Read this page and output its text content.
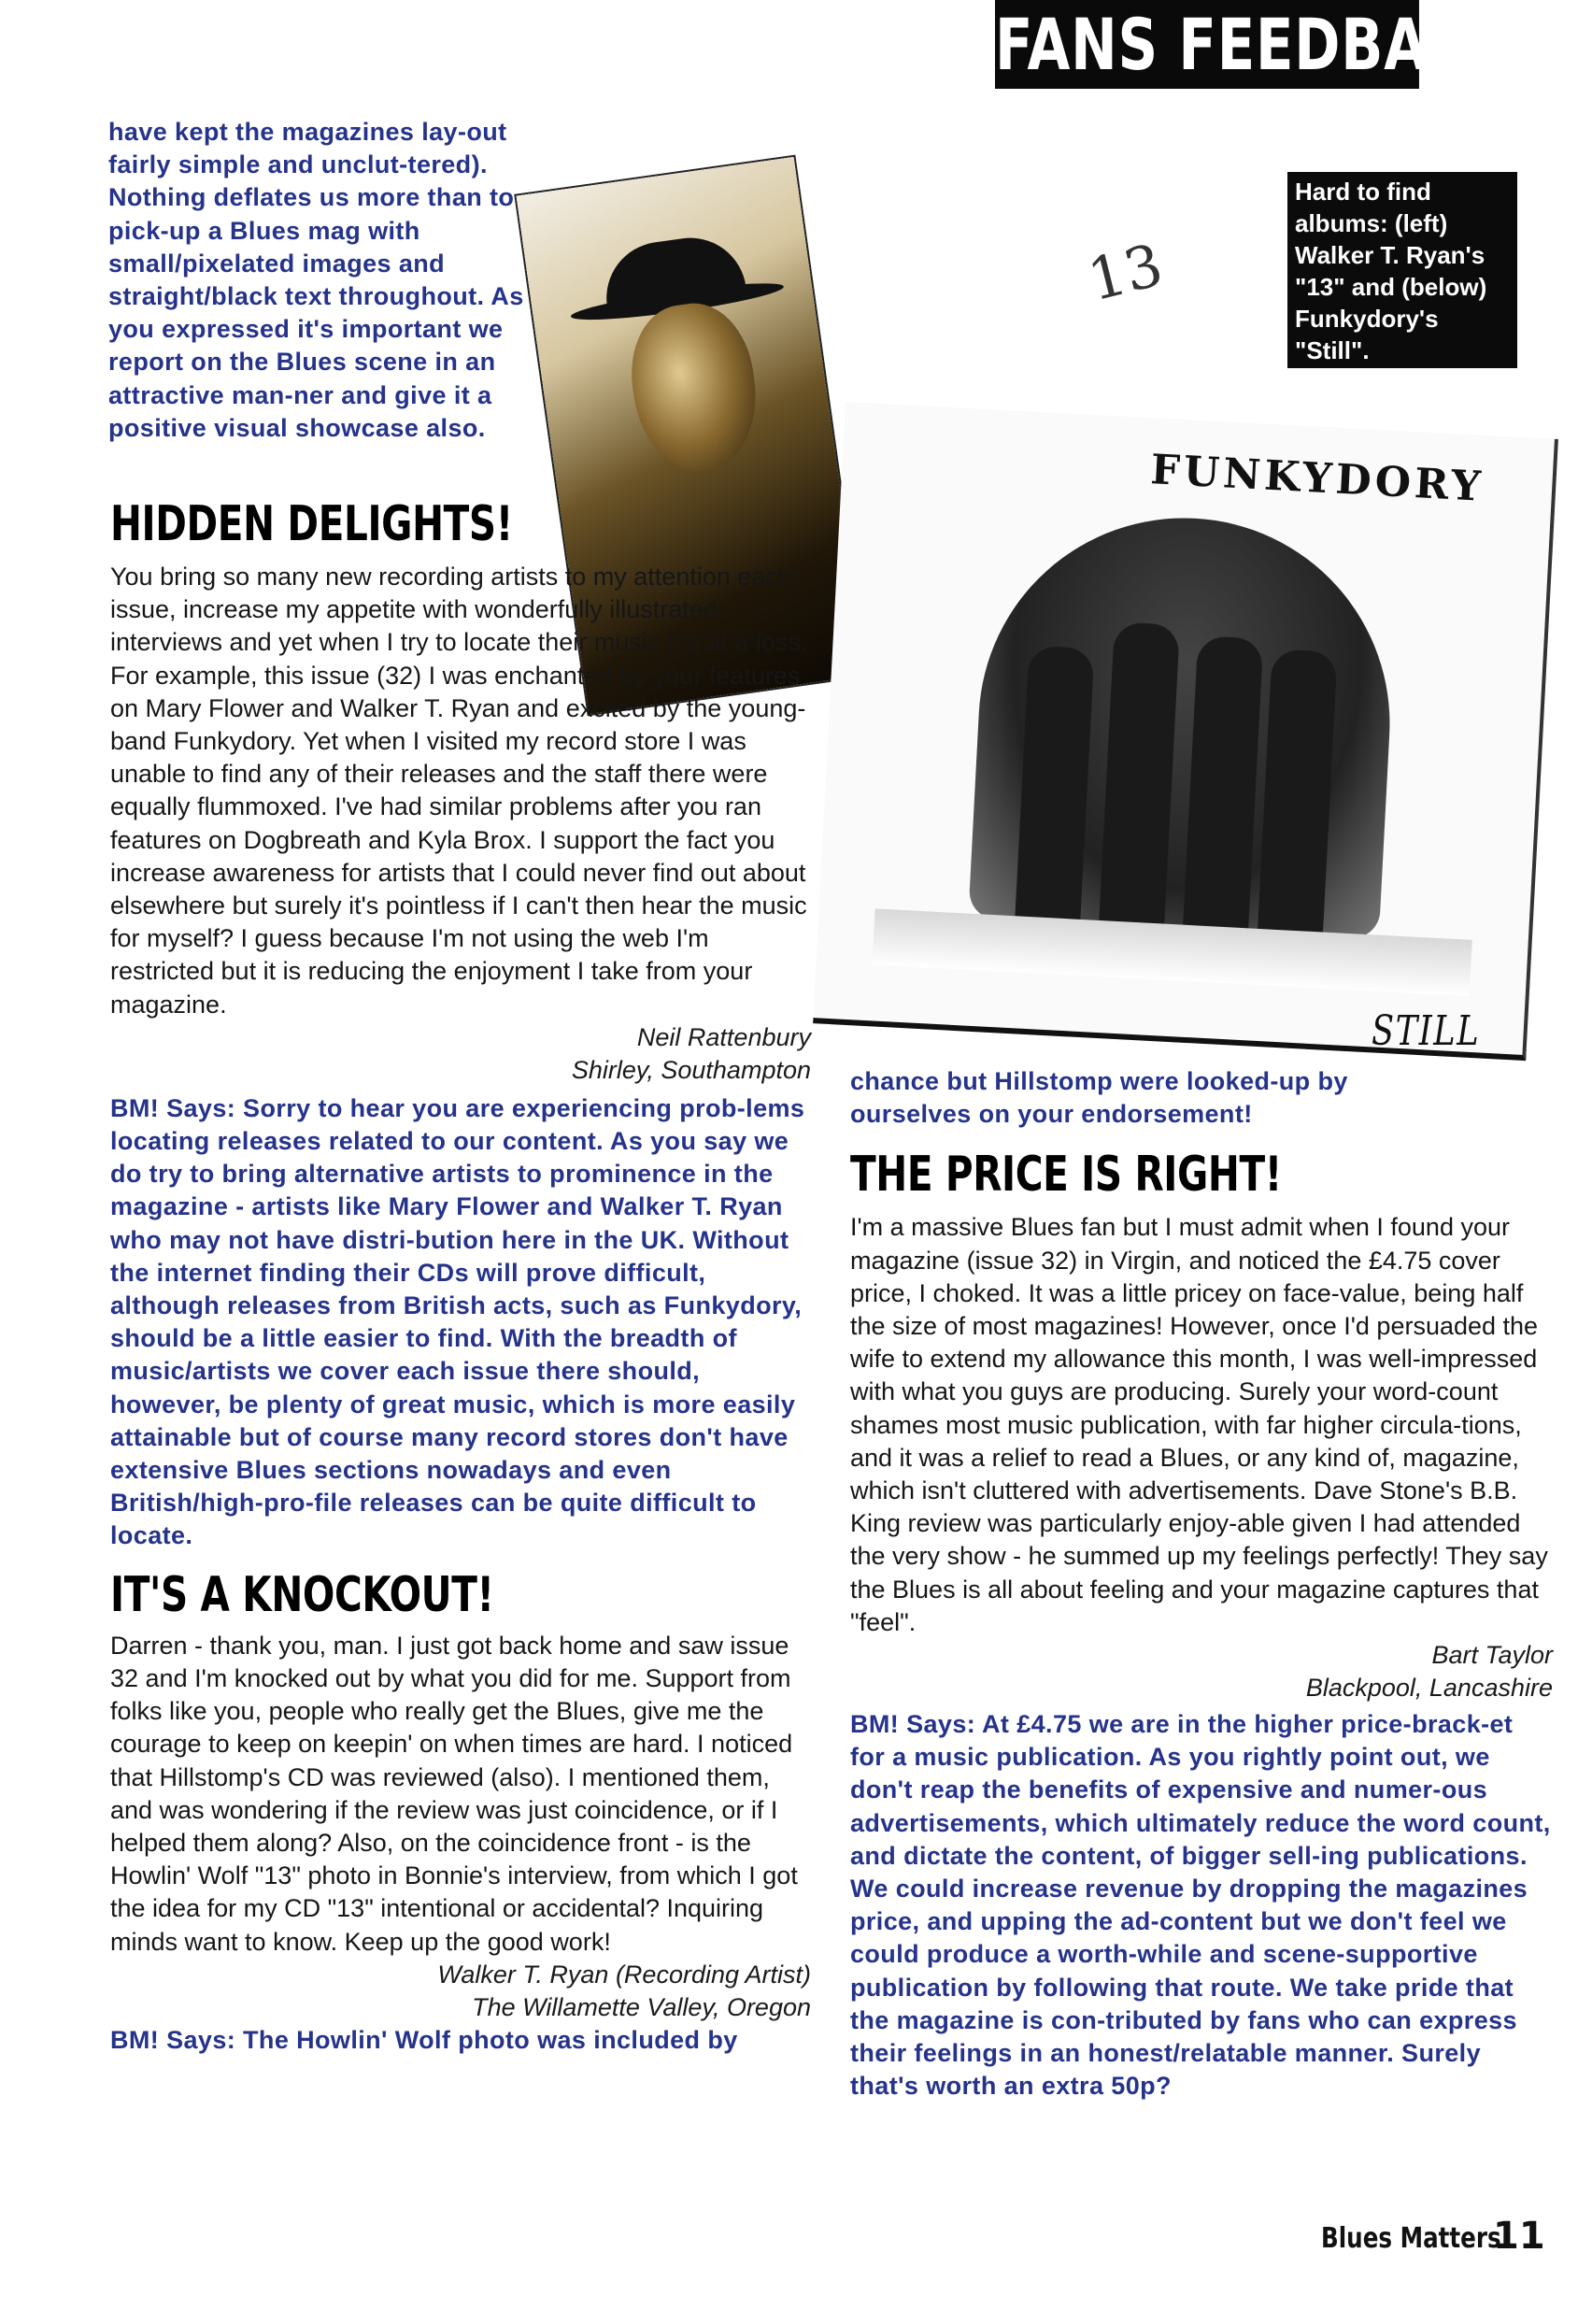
FANS FEEDBACK

have kept the magazines lay-out fairly simple and unclut-tered). Nothing deflates us more than to pick-up a Blues mag with small/pixelated images and straight/black text throughout. As you expressed it's important we report on the Blues scene in an attractive man-ner and give it a positive visual showcase also.

HIDDEN DELIGHTS!

You bring so many new recording artists to my attention each issue, increase my appetite with wonderfully illustrated interviews and yet when I try to locate their music I'm at a loss. For example, this issue (32) I was enchanted by your features on Mary Flower and Walker T. Ryan and excited by the young-band Funkydory. Yet when I visited my record store I was unable to find any of their releases and the staff there were equally flummoxed. I've had similar problems after you ran features on Dogbreath and Kyla Brox. I support the fact you increase awareness for artists that I could never find out about elsewhere but surely it's pointless if I can't then hear the music for myself? I guess because I'm not using the web I'm restricted but it is reducing the enjoyment I take from your magazine.

Neil Rattenbury

Shirley, Southampton

BM! Says: Sorry to hear you are experiencing prob-lems locating releases related to our content. As you say we do try to bring alternative artists to prominence in the magazine - artists like Mary Flower and Walker T. Ryan who may not have distri-bution here in the UK. Without the internet finding their CDs will prove difficult, although releases from British acts, such as Funkydory, should be a little easier to find. With the breadth of music/artists we cover each issue there should, however, be plenty of great music, which is more easily attainable but of course many record stores don't have extensive Blues sections nowadays and even British/high-pro-file releases can be quite difficult to locate.

IT'S A KNOCKOUT!

Darren - thank you, man. I just got back home and saw issue 32 and I'm knocked out by what you did for me. Support from folks like you, people who really get the Blues, give me the courage to keep on keepin' on when times are hard. I noticed that Hillstomp's CD was reviewed (also). I mentioned them, and was wondering if the review was just coincidence, or if I helped them along? Also, on the coincidence front - is the Howlin' Wolf "13" photo in Bonnie's interview, from which I got the idea for my CD "13" intentional or accidental? Inquiring minds want to know. Keep up the good work!

Walker T. Ryan (Recording Artist)

The Willamette Valley, Oregon

BM! Says: The Howlin' Wolf photo was included by

13
Hard to find albums: (left) Walker T. Ryan's "13" and (below) Funkydory's "Still".
FUNKYDORY
STILL

chance but Hillstomp were looked-up by ourselves on your endorsement!

THE PRICE IS RIGHT!

I'm a massive Blues fan but I must admit when I found your magazine (issue 32) in Virgin, and noticed the £4.75 cover price, I choked. It was a little pricey on face-value, being half the size of most magazines! However, once I'd persuaded the wife to extend my allowance this month, I was well-impressed with what you guys are producing. Surely your word-count shames most music publication, with far higher circula-tions, and it was a relief to read a Blues, or any kind of, magazine, which isn't cluttered with advertisements. Dave Stone's B.B. King review was particularly enjoy-able given I had attended the very show - he summed up my feelings perfectly! They say the Blues is all about feeling and your magazine captures that "feel".

Bart Taylor

Blackpool, Lancashire

BM! Says: At £4.75 we are in the higher price-brack-et for a music publication. As you rightly point out, we don't reap the benefits of expensive and numer-ous advertisements, which ultimately reduce the word count, and dictate the content, of bigger sell-ing publications. We could increase revenue by dropping the magazines price, and upping the ad-content but we don't feel we could produce a worth-while and scene-supportive publication by following that route. We take pride that the magazine is con-tributed by fans who can express their feelings in an honest/relatable manner. Surely that's worth an extra 50p?

Blues Matters!
11
